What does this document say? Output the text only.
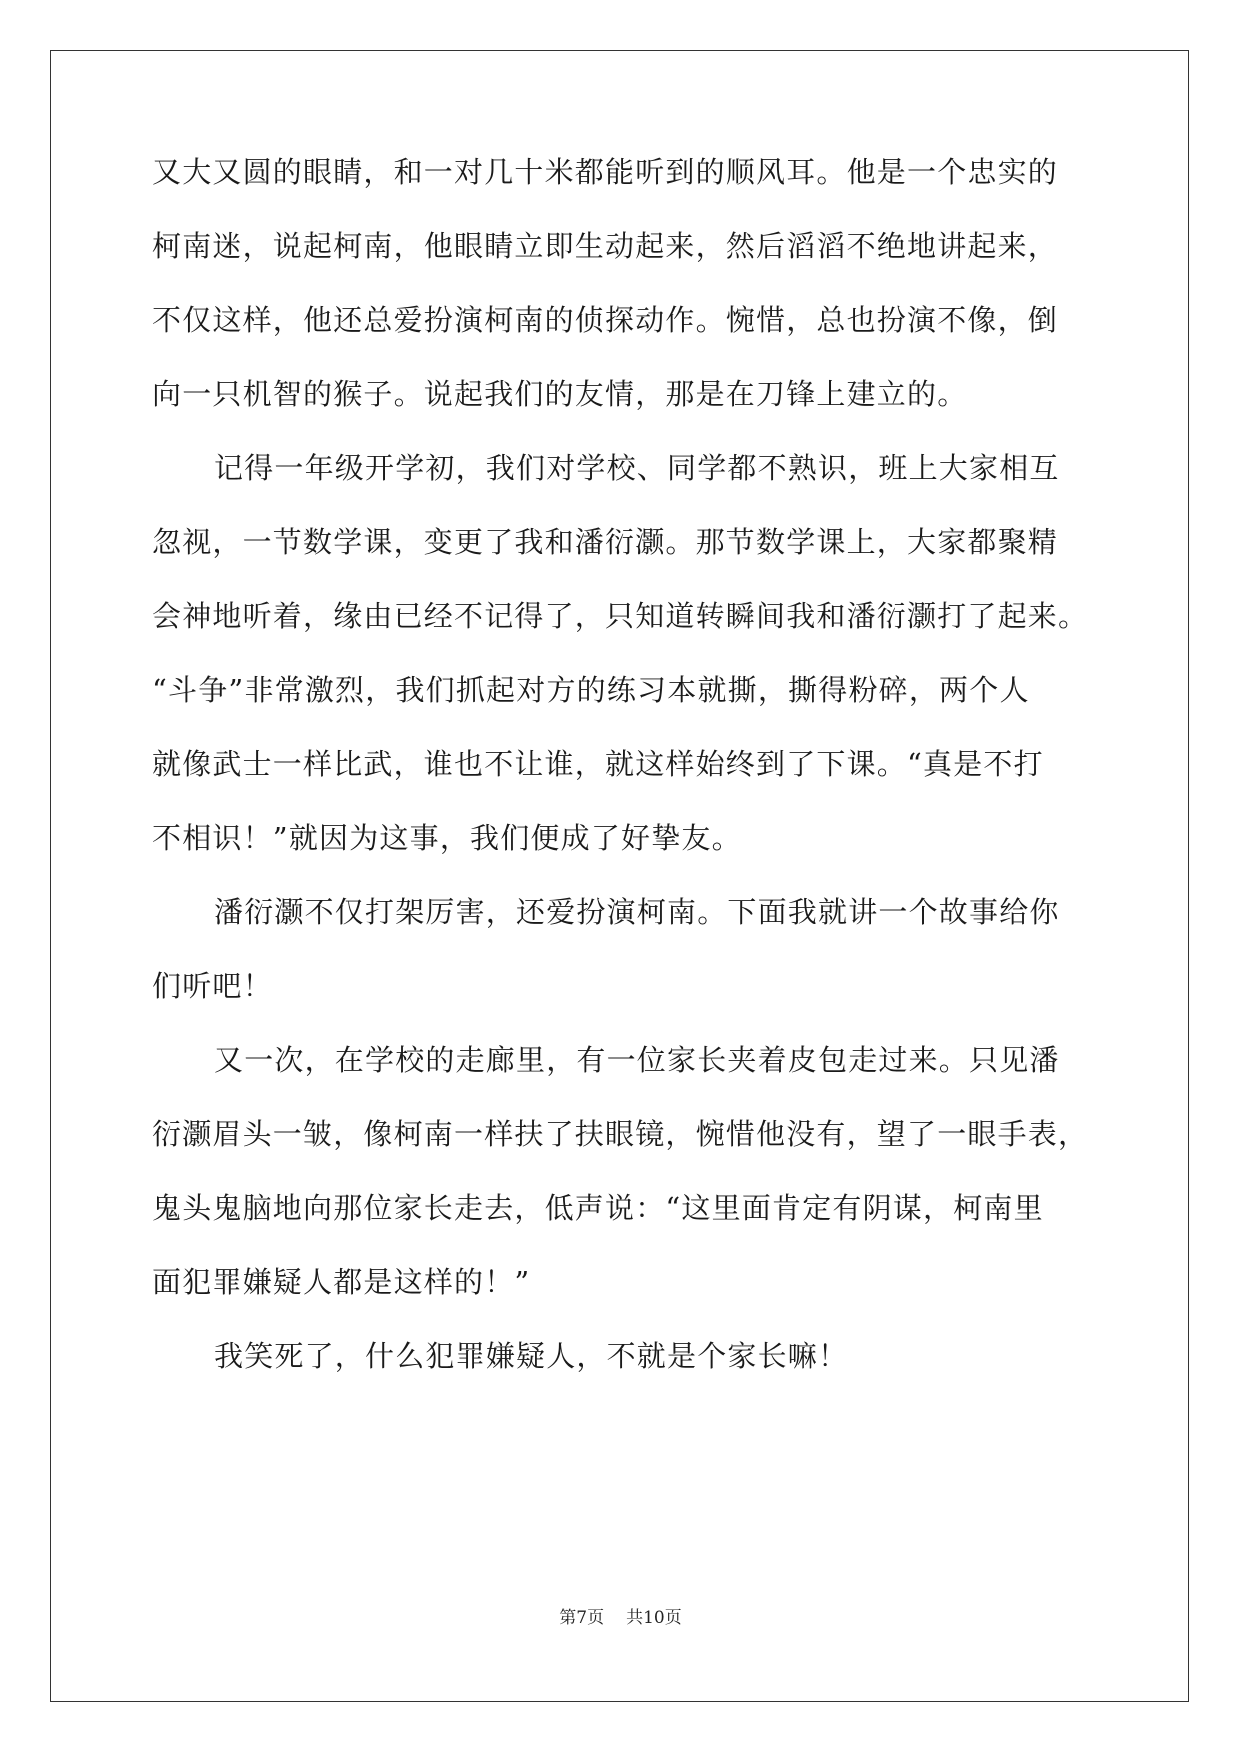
又大又圆的眼睛，和一对几十米都能听到的顺风耳。他是一个忠实的
柯南迷，说起柯南，他眼睛立即生动起来，然后滔滔不绝地讲起来，
不仅这样，他还总爱扮演柯南的侦探动作。惋惜，总也扮演不像，倒
向一只机智的猴子。说起我们的友情，那是在刀锋上建立的。
记得一年级开学初，我们对学校、同学都不熟识，班上大家相互
忽视，一节数学课，变更了我和潘衍灏。那节数学课上，大家都聚精
会神地听着，缘由已经不记得了，只知道转瞬间我和潘衍灏打了起来。
“斗争”非常激烈，我们抓起对方的练习本就撕，撕得粉碎，两个人
就像武士一样比武，谁也不让谁，就这样始终到了下课。“真是不打
不相识！”就因为这事，我们便成了好挚友。
潘衍灏不仅打架厉害，还爱扮演柯南。下面我就讲一个故事给你
们听吧！
又一次，在学校的走廊里，有一位家长夹着皮包走过来。只见潘
衍灏眉头一皱，像柯南一样扶了扶眼镜，惋惜他没有，望了一眼手表，
鬼头鬼脑地向那位家长走去，低声说：“这里面肯定有阴谋，柯南里
面犯罪嫌疑人都是这样的！”
我笑死了，什么犯罪嫌疑人，不就是个家长嘛！
第7页 共10页
